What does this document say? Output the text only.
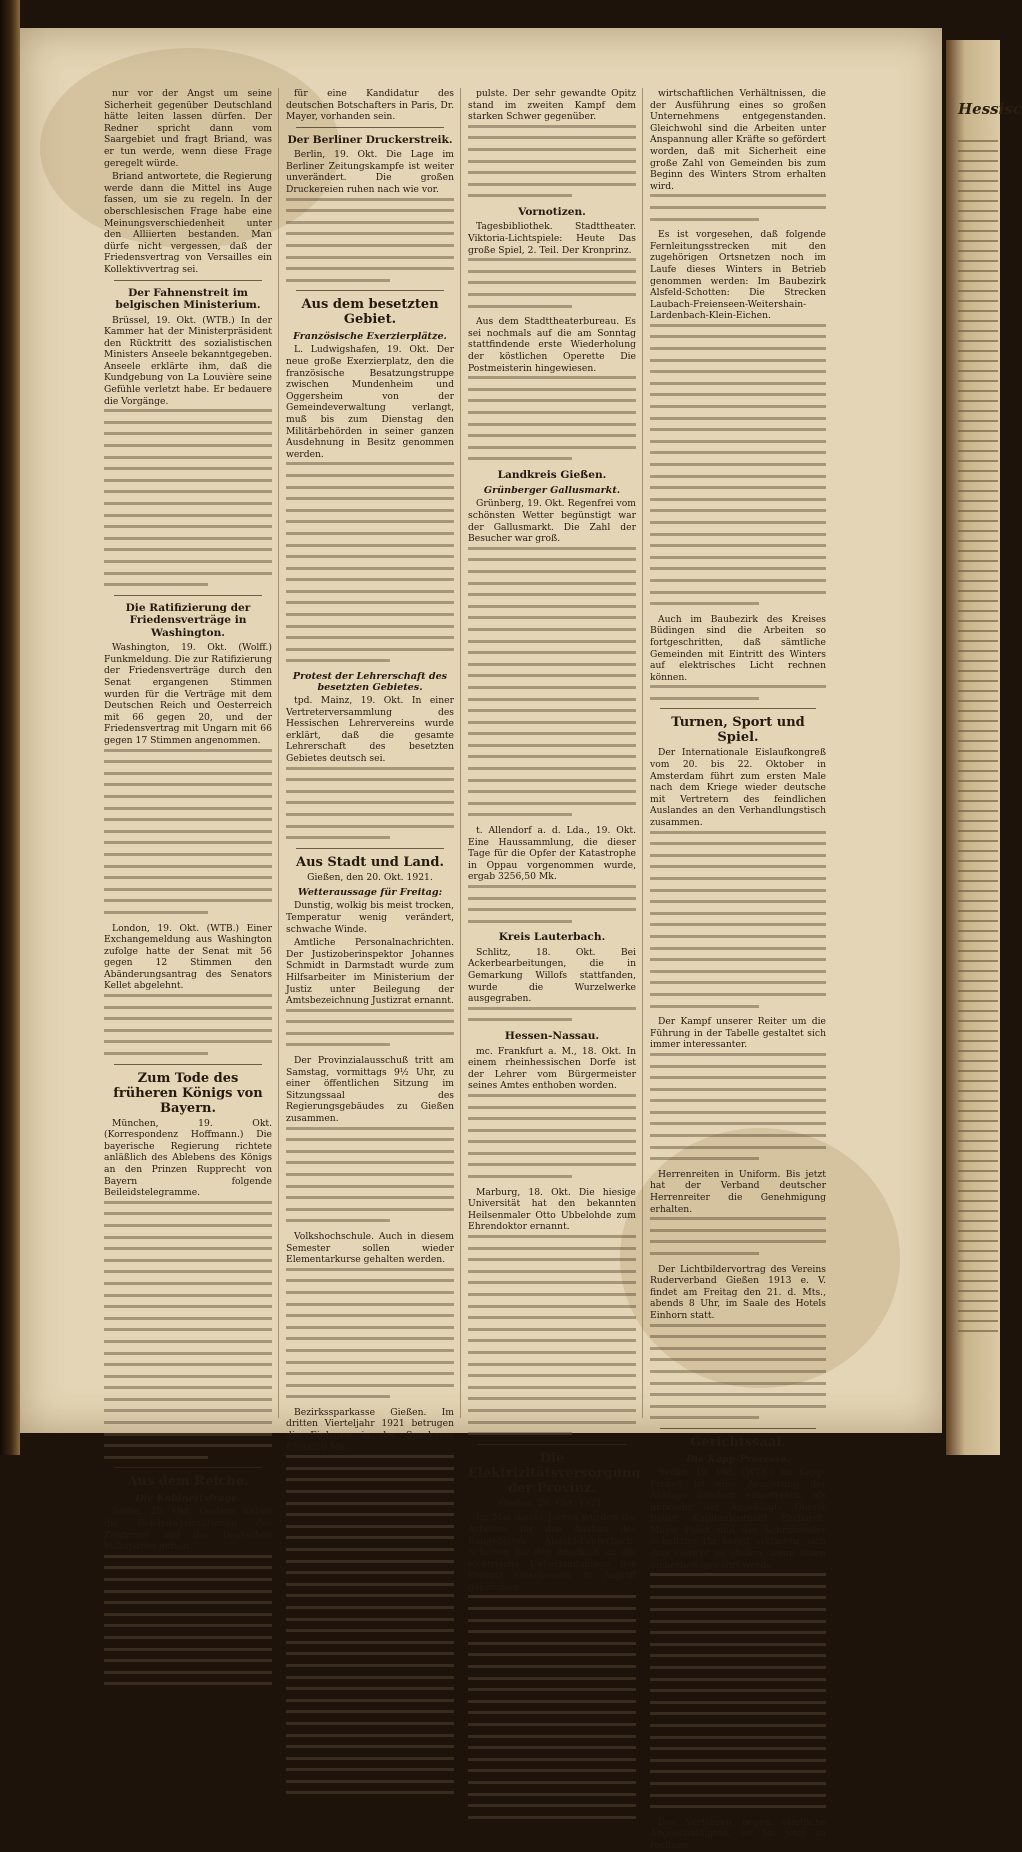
nur vor der Angst um seine Sicherheit gegenüber Deutschland hätte leiten lassen dürfen. Der Redner spricht dann vom Saargebiet und fragt Briand, was er tun werde, wenn diese Frage geregelt würde.

Briand antwortete, die Regierung werde dann die Mittel ins Auge fassen, um sie zu regeln. In der oberschlesischen Frage habe eine Meinungsverschiedenheit unter den Alliierten bestanden. Man dürfe nicht vergessen, daß der Friedensvertrag von Versailles ein Kollektivvertrag sei.

Der Fahnenstreit im belgischen Ministerium.

Brüssel, 19. Okt. (WTB.) In der Kammer hat der Ministerpräsident den Rücktritt des sozialistischen Ministers Anseele bekanntgegeben. Anseele erklärte ihm, daß die Kundgebung von La Louvière seine Gefühle verletzt habe. Er bedauere die Vorgänge.

Die Ratifizierung der Friedensverträge in Washington.

Washington, 19. Okt. (Wolff.) Funkmeldung. Die zur Ratifizierung der Friedensverträge durch den Senat ergangenen Stimmen wurden für die Verträge mit dem Deutschen Reich und Oesterreich mit 66 gegen 20, und der Friedensvertrag mit Ungarn mit 66 gegen 17 Stimmen angenommen.

London, 19. Okt. (WTB.) Einer Exchangemeldung aus Washington zufolge hatte der Senat mit 56 gegen 12 Stimmen den Abänderungsantrag des Senators Kellet abgelehnt.

Zum Tode des früheren Königs von Bayern.

München, 19. Okt. (Korrespondenz Hoffmann.) Die bayerische Regierung richtete anläßlich des Ablebens des Königs an den Prinzen Rupprecht von Bayern folgende Beileidstelegramme.

Aus dem Reiche.
Die Kabinettsfrage.

Berlin, 20. Okt. Gestern haben die Reichstagsfraktionen des Zentrums und der Deutschen Volkspartei getagt.

für eine Kandidatur des deutschen Botschafters in Paris, Dr. Mayer, vorhanden sein.

Der Berliner Druckerstreik.

Berlin, 19. Okt. Die Lage im Berliner Zeitungskampfe ist weiter unverändert. Die großen Druckereien ruhen nach wie vor.

Aus dem besetzten Gebiet.
Französische Exerzierplätze.

L. Ludwigshafen, 19. Okt. Der neue große Exerzierplatz, den die französische Besatzungstruppe zwischen Mundenheim und Oggersheim von der Gemeindeverwaltung verlangt, muß bis zum Dienstag den Militärbehörden in seiner ganzen Ausdehnung in Besitz genommen werden.

Protest der Lehrerschaft des besetzten Gebietes.

tpd. Mainz, 19. Okt. In einer Vertreterversammlung des Hessischen Lehrervereins wurde erklärt, daß die gesamte Lehrerschaft des besetzten Gebietes deutsch sei.

Aus Stadt und Land.
Gießen, den 20. Okt. 1921.
Wetteraussage für Freitag:

Dunstig, wolkig bis meist trocken, Temperatur wenig verändert, schwache Winde.

Amtliche Personalnachrichten. Der Justizoberinspektor Johannes Schmidt in Darmstadt wurde zum Hilfsarbeiter im Ministerium der Justiz unter Beilegung der Amtsbezeichnung Justizrat ernannt.

Der Provinzialausschuß tritt am Samstag, vormittags 9½ Uhr, zu einer öffentlichen Sitzung im Sitzungssaal des Regierungsgebäudes zu Gießen zusammen.

Volkshochschule. Auch in diesem Semester sollen wieder Elementarkurse gehalten werden.

Bezirkssparkasse Gießen. Im dritten Vierteljahr 1921 betrugen die Einlagen in der Sparkasse 6300000 Mk.

pulste. Der sehr gewandte Opitz stand im zweiten Kampf dem starken Schwer gegenüber.

Vornotizen.

Tagesbibliothek. Stadttheater. Viktoria-Lichtspiele: Heute Das große Spiel, 2. Teil. Der Kronprinz.

Aus dem Stadttheaterbureau. Es sei nochmals auf die am Sonntag stattfindende erste Wiederholung der köstlichen Operette Die Postmeisterin hingewiesen.

Landkreis Gießen.
Grünberger Gallusmarkt.

Grünberg, 19. Okt. Regenfrei vom schönsten Wetter begünstigt war der Gallusmarkt. Die Zahl der Besucher war groß.

t. Allendorf a. d. Lda., 19. Okt. Eine Haussammlung, die dieser Tage für die Opfer der Katastrophe in Oppau vorgenommen wurde, ergab 3256,50 Mk.

Kreis Lauterbach.

Schlitz, 18. Okt. Bei Ackerbearbeitungen, die in Gemarkung Willofs stattfanden, wurde die Wurzelwerke ausgegraben.

Hessen-Nassau.

mc. Frankfurt a. M., 18. Okt. In einem rheinhessischen Dorfe ist der Lehrer vom Bürgermeister seines Amtes enthoben worden.

Marburg, 18. Okt. Die hiesige Universität hat den bekannten Heilsenmaler Otto Ubbelohde zum Ehrendoktor ernannt.

Die Elektrizitätsversorgung der Provinz.
Gießen, 20. Okt. 1921.

Im Mai dieses Jahres wurden die Arbeiten für den Ausbau des Baugebietes Alsfeld-Lauterbach-Schotten für den Anschluß an die elektrische Ueberlandanlage der Provinz Oberhessen in Angriff genommen.

wirtschaftlichen Verhältnissen, die der Ausführung eines so großen Unternehmens entgegenstanden. Gleichwohl sind die Arbeiten unter Anspannung aller Kräfte so gefördert worden, daß mit Sicherheit eine große Zahl von Gemeinden bis zum Beginn des Winters Strom erhalten wird.

Es ist vorgesehen, daß folgende Fernleitungsstrecken mit den zugehörigen Ortsnetzen noch im Laufe dieses Winters in Betrieb genommen werden: Im Baubezirk Alsfeld-Schotten: Die Strecken Laubach-Freienseen-Weitershain-Lardenbach-Klein-Eichen.

Auch im Baubezirk des Kreises Büdingen sind die Arbeiten so fortgeschritten, daß sämtliche Gemeinden mit Eintritt des Winters auf elektrisches Licht rechnen können.

Turnen, Sport und Spiel.

Der Internationale Eislaufkongreß vom 20. bis 22. Oktober in Amsterdam führt zum ersten Male nach dem Kriege wieder deutsche mit Vertretern des feindlichen Auslandes an den Verhandlungstisch zusammen.

Der Kampf unserer Reiter um die Führung in der Tabelle gestaltet sich immer interessanter.

Herrenreiten in Uniform. Bis jetzt hat der Verband deutscher Herrenreiter die Genehmigung erhalten.

Der Lichtbildervortrag des Vereins Ruderverband Gießen 1913 e. V. findet am Freitag den 21. d. Mts., abends 8 Uhr, im Saale des Hotels Einhorn statt.

Gerichtssaal.
Die Kapp-Prozesse.

Berlin, 19. Okt. (WTB.) Im Kapp-Prozeß ist eine Aenderung der Anklage insofern eingetreten, als nunmehr der Angeklagte Oberst Bauer, Kapitänleutnant Ehrhardt, Major Pabst und der Schriftsteller Schnitzler für bereit erklärten, sich dem Gericht zu stellen, wenn ihnen Sicherheit gewährt werde.

Das Verfahren gegen sämtliche Angeschuldigten, ist bis jetzt zu rechnen.

Hessisc
